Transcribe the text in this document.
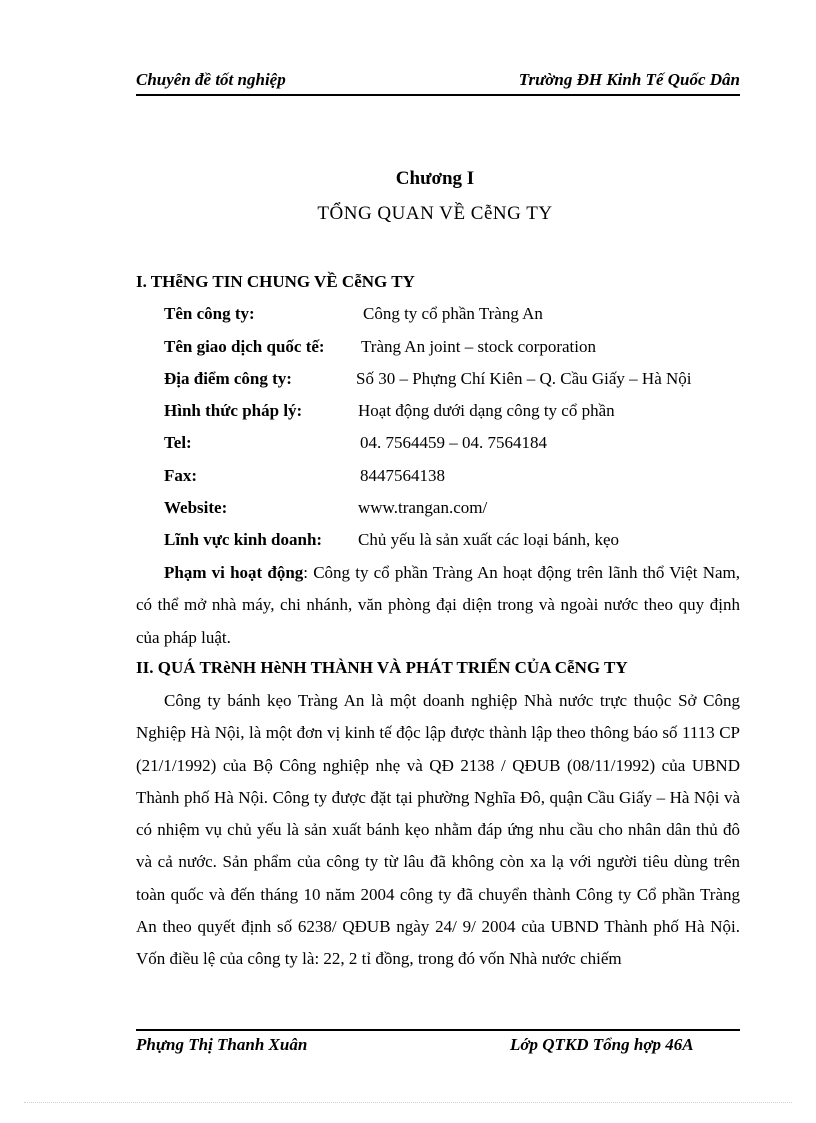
Chuyên đề tốt nghiệp	Trường ĐH Kinh Tế Quốc Dân
Chương I
TỔNG QUAN VỀ CễNG TY
I. THễNG TIN CHUNG VỀ CễNG TY
Tên công ty:	Công ty cổ phần Tràng An
Tên giao dịch quốc tế: Tràng An joint – stock corporation
Địa điểm công ty:	Số 30 – Phựng Chí Kiên – Q. Cầu Giấy – Hà Nội
Hình thức pháp lý:	Hoạt động dưới dạng công ty cổ phần
Tel:	04. 7564459 – 04. 7564184
Fax:	8447564138
Website:	www.trangan.com/
Lĩnh vực kinh doanh: Chủ yếu là sản xuất các loại bánh, kẹo
Phạm vi hoạt động: Công ty cổ phần Tràng An hoạt động trên lãnh thổ Việt Nam, có thể mở nhà máy, chi nhánh, văn phòng đại diện trong và ngoài nước theo quy định của pháp luật.
II. QUÁ TRèNH HèNH THÀNH VÀ PHÁT TRIỂN CỦA CễNG TY
Công ty bánh kẹo Tràng An là một doanh nghiệp Nhà nước trực thuộc Sở Công Nghiệp Hà Nội, là một đơn vị kinh tế độc lập được thành lập theo thông báo số 1113 CP (21/1/1992) của Bộ Công nghiệp nhẹ và QĐ 2138 / QĐUB (08/11/1992) của UBND Thành phố Hà Nội. Công ty được đặt tại phường Nghĩa Đô, quận Cầu Giấy – Hà Nội và có nhiệm vụ chủ yếu là sản xuất bánh kẹo nhằm đáp ứng nhu cầu cho nhân dân thủ đô và cả nước. Sản phẩm của công ty từ lâu đã không còn xa lạ với người tiêu dùng trên toàn quốc và đến tháng 10 năm 2004 công ty đã chuyển thành Công ty Cổ phần Tràng An theo quyết định số 6238/ QĐUB ngày 24/ 9/ 2004 của UBND Thành phố Hà Nội. Vốn điều lệ của công ty là: 22, 2 tỉ đồng, trong đó vốn Nhà nước chiếm
Phựng Thị Thanh Xuân	Lớp QTKD Tổng hợp 46A
